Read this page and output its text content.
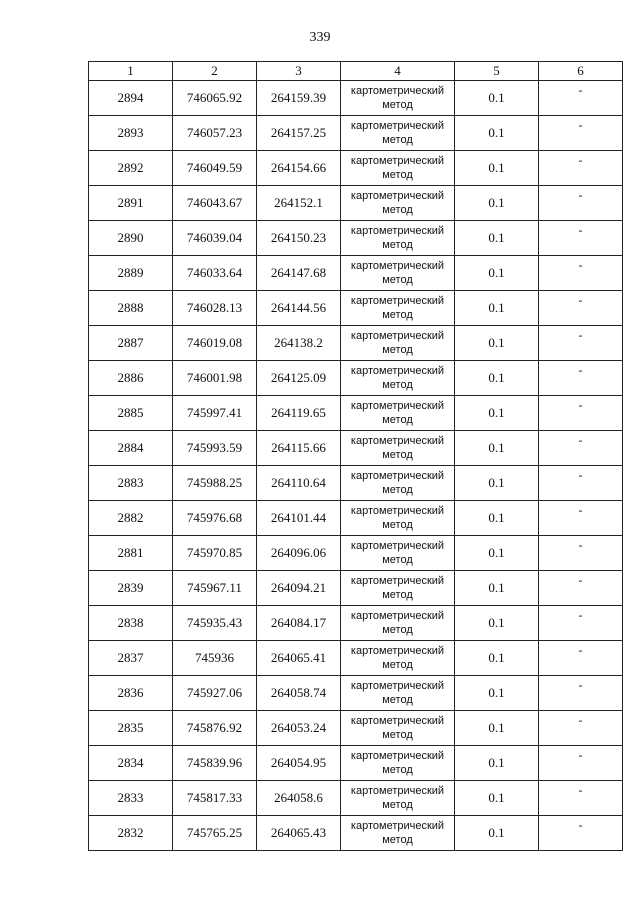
339
1	2	3	4	5	6
2894	746065.92	264159.39	картометрический метод	0.1	-
2893	746057.23	264157.25	картометрический метод	0.1	-
2892	746049.59	264154.66	картометрический метод	0.1	-
2891	746043.67	264152.1	картометрический метод	0.1	-
2890	746039.04	264150.23	картометрический метод	0.1	-
2889	746033.64	264147.68	картометрический метод	0.1	-
2888	746028.13	264144.56	картометрический метод	0.1	-
2887	746019.08	264138.2	картометрический метод	0.1	-
2886	746001.98	264125.09	картометрический метод	0.1	-
2885	745997.41	264119.65	картометрический метод	0.1	-
2884	745993.59	264115.66	картометрический метод	0.1	-
2883	745988.25	264110.64	картометрический метод	0.1	-
2882	745976.68	264101.44	картометрический метод	0.1	-
2881	745970.85	264096.06	картометрический метод	0.1	-
2839	745967.11	264094.21	картометрический метод	0.1	-
2838	745935.43	264084.17	картометрический метод	0.1	-
2837	745936	264065.41	картометрический метод	0.1	-
2836	745927.06	264058.74	картометрический метод	0.1	-
2835	745876.92	264053.24	картометрический метод	0.1	-
2834	745839.96	264054.95	картометрический метод	0.1	-
2833	745817.33	264058.6	картометрический метод	0.1	-
2832	745765.25	264065.43	картометрический метод	0.1	-
